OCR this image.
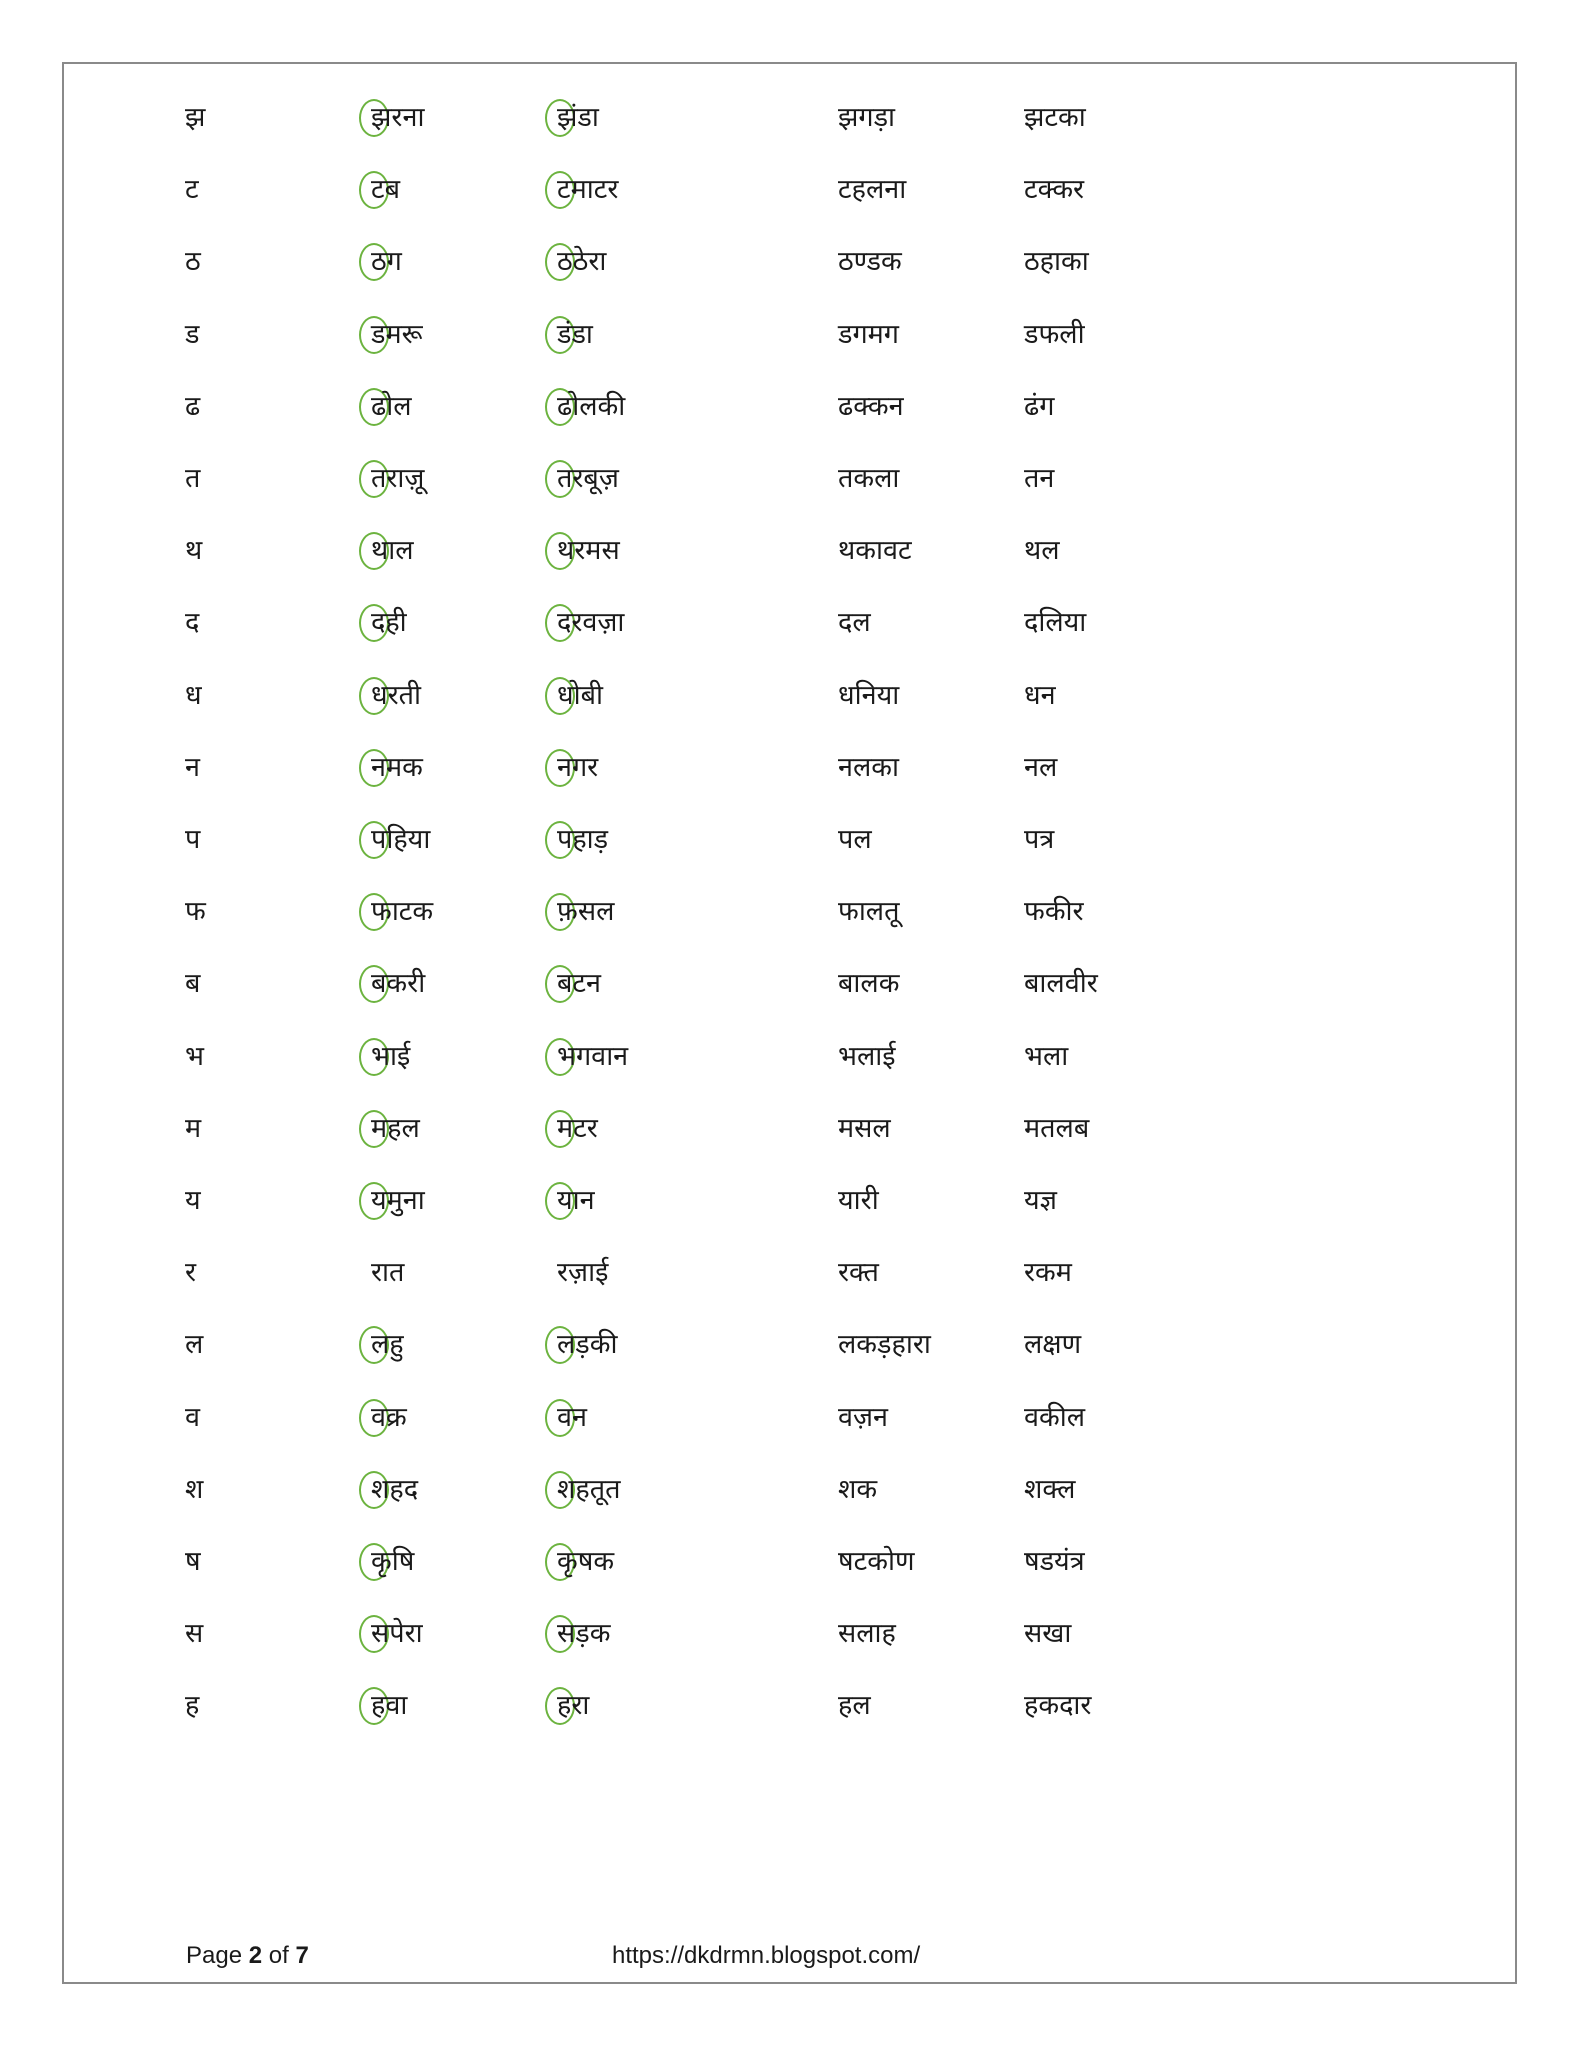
झ	झरना	झंडा	झगड़ा	झटका
ट	टब	टमाटर	टहलना	टक्कर
ठ	ठग	ठठेरा	ठण्डक	ठहाका
ड	डमरू	डंडा	डगमग	डफली
ढ	ढोल	ढोलकी	ढक्कन	ढंग
त	तराज़ू	तरबूज़	तकला	तन
थ	थाल	थरमस	थकावट	थल
द	दही	दरवज़ा	दल	दलिया
ध	धरती	धोबी	धनिया	धन
न	नमक	नगर	नलका	नल
प	पहिया	पहाड़	पल	पत्र
फ	फाटक	फ़सल	फालतू	फकीर
ब	बकरी	बटन	बालक	बालवीर
भ	भाई	भगवान	भलाई	भला
म	महल	मटर	मसल	मतलब
य	यमुना	यान	यारी	यज्ञ
र	रात	रज़ाई	रक्त	रकम
ल	लहु	लड़की	लकड़हारा	लक्षण
व	वक्र	वन	वज़न	वकील
श	शहद	शहतूत	शक	शक्ल
ष	कृषि	कृषक	षटकोण	षडयंत्र
स	सपेरा	सड़क	सलाह	सखा
ह	हवा	हरा	हल	हकदार
Page 2 of 7	https://dkdrmn.blogspot.com/
